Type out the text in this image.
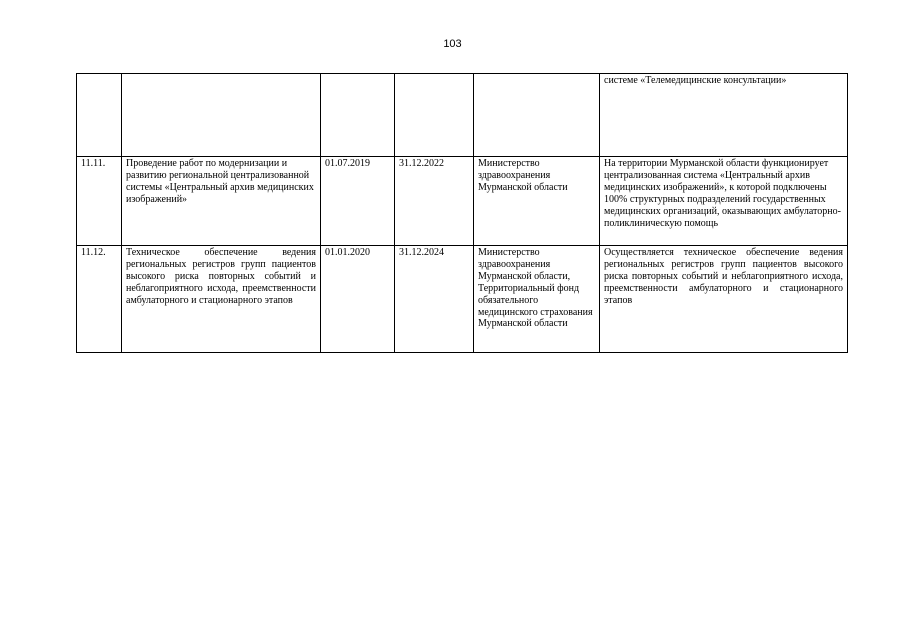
103
					системе «Телемедицинские консультации»
11.11.	Проведение работ по модернизации и развитию региональной централизованной системы «Центральный архив медицинских изображений»	01.07.2019	31.12.2022	Министерство здравоохранения Мурманской области	На территории Мурманской области функционирует централизованная система «Центральный архив медицинских изображений», к которой подключены 100% структурных подразделений государственных медицинских организаций, оказывающих амбулаторно-поликлиническую помощь
11.12.	Техническое обеспечение ведения региональных регистров групп пациентов высокого риска повторных событий и неблагоприятного исхода, преемственности амбулаторного и стационарного этапов	01.01.2020	31.12.2024	Министерство здравоохранения Мурманской области, Территориальный фонд обязательного медицинского страхования Мурманской области	Осуществляется техническое обеспечение ведения региональных регистров групп пациентов высокого риска повторных событий и неблагоприятного исхода, преемственности амбулаторного и стационарного этапов
